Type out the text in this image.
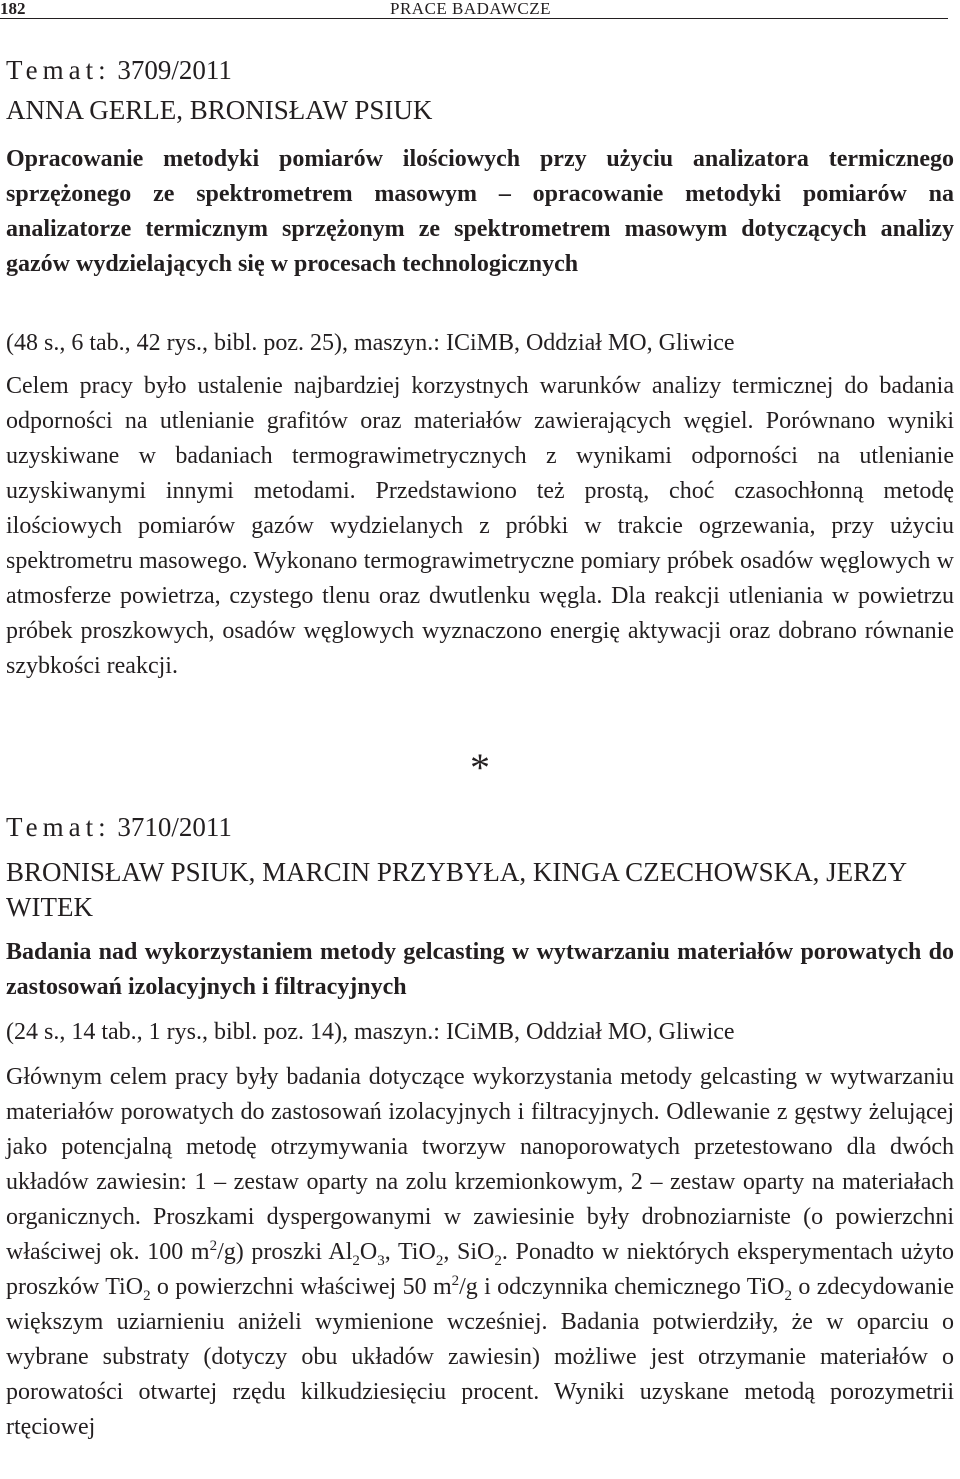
182	PRACE BADAWCZE
Temat: 3709/2011
ANNA GERLE, BRONISŁAW PSIUK
Opracowanie metodyki pomiarów ilościowych przy użyciu analizatora termicznego sprzężonego ze spektrometrem masowym – opracowanie metodyki pomiarów na analizatorze termicznym sprzężonym ze spektrometrem masowym dotyczących analizy gazów wydzielających się w procesach technologicznych
(48 s., 6 tab., 42 rys., bibl. poz. 25), maszyn.: ICiMB, Oddział MO, Gliwice

Celem pracy było ustalenie najbardziej korzystnych warunków analizy termicznej do badania odporności na utlenianie grafitów oraz materiałów zawierających węgiel. Porównano wyniki uzyskiwane w badaniach termograwimetrycznych z wynikami odporności na utlenianie uzyskiwanymi innymi metodami. Przedstawiono też prostą, choć czasochłonną metodę ilościowych pomiarów gazów wydzielanych z próbki w trakcie ogrzewania, przy użyciu spektrometru masowego. Wykonano termograwimetryczne pomiary próbek osadów węglowych w atmosferze powietrza, czystego tlenu oraz dwutlenku węgla. Dla reakcji utleniania w powietrzu próbek proszkowych, osadów węglowych wyznaczono energię aktywacji oraz dobrano równanie szybkości reakcji.

*
Temat: 3710/2011
BRONISŁAW PSIUK, MARCIN PRZYBYŁA, KINGA CZECHOWSKA, JERZY WITEK
Badania nad wykorzystaniem metody gelcasting w wytwarzaniu materiałów porowatych do zastosowań izolacyjnych i filtracyjnych
(24 s., 14 tab., 1 rys., bibl. poz. 14), maszyn.: ICiMB, Oddział MO, Gliwice

Głównym celem pracy były badania dotyczące wykorzystania metody gelcasting w wytwarzaniu materiałów porowatych do zastosowań izolacyjnych i filtracyjnych. Odlewanie z gęstwy żelującej jako potencjalną metodę otrzymywania tworzyw nanoporowatych przetestowano dla dwóch układów zawiesin: 1 – zestaw oparty na zolu krzemionkowym, 2 – zestaw oparty na materiałach organicznych. Proszkami dyspergowanymi w zawiesinie były drobnoziarniste (o powierzchni właściwej ok. 100 $m^2/g$) proszki $Al_2O_3$, TiO$_2$, SiO$_2$. Ponadto w niektórych eksperymentach użyto proszków TiO$_2$ o powierzchni właściwej 50 $m^2/g$ i odczynnika chemicznego TiO$_2$ o zdecydowanie większym uziarnieniu aniżeli wymienione wcześniej. Badania potwierdziły, że w oparciu o wybrane substraty (dotyczy obu układów zawiesin) możliwe jest otrzymanie materiałów o porowatości otwartej rzędu kilkudziesięciu procent. Wyniki uzyskane metodą porozymetrii rtęciowej
